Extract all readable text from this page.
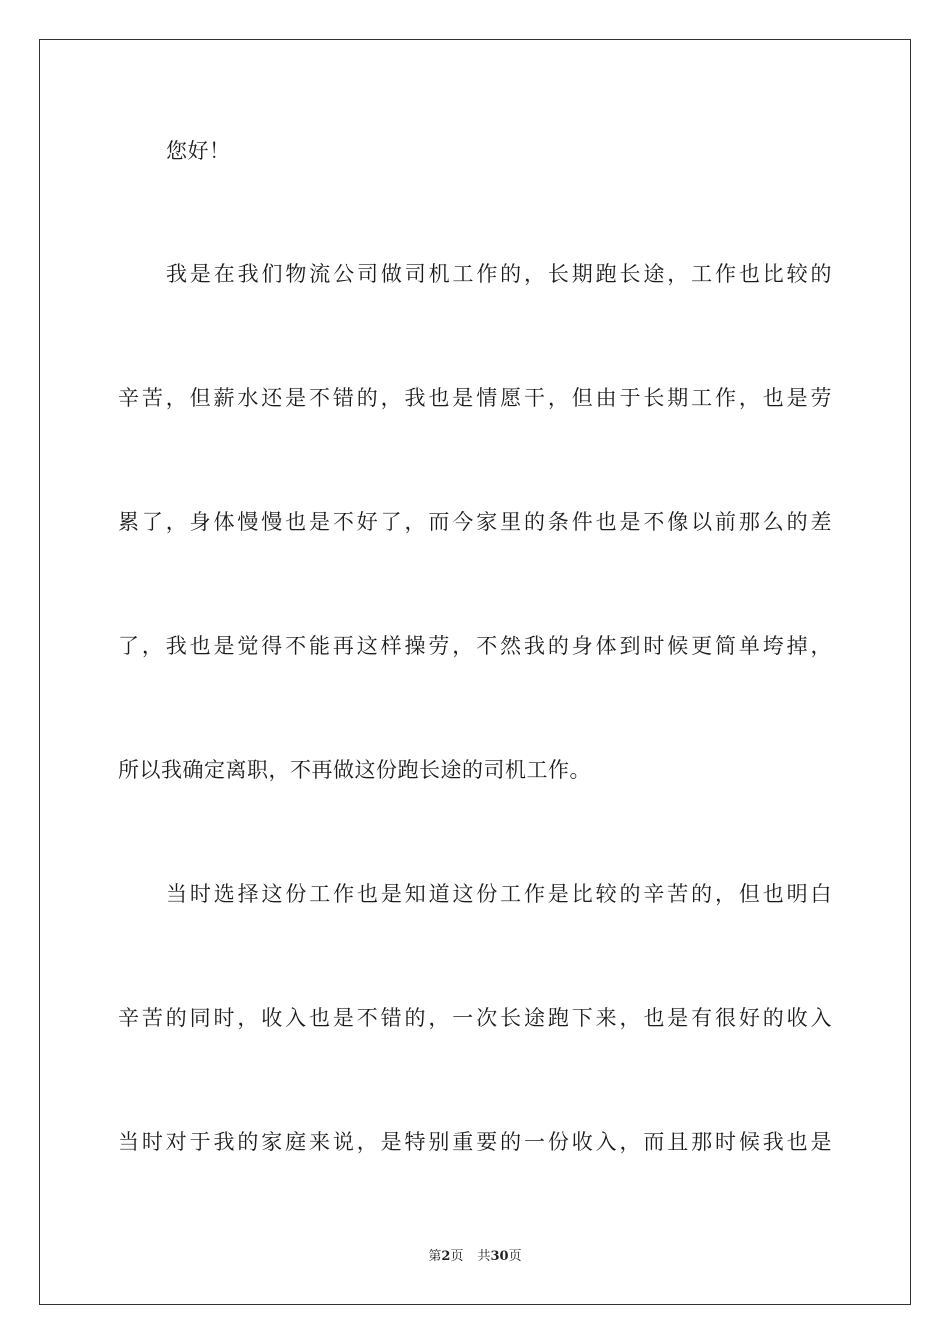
您好！
我是在我们物流公司做司机工作的，长期跑长途，工作也比较的
辛苦，但薪水还是不错的，我也是情愿干，但由于长期工作，也是劳
累了，身体慢慢也是不好了，而今家里的条件也是不像以前那么的差
了，我也是觉得不能再这样操劳，不然我的身体到时候更简单垮掉，
所以我确定离职，不再做这份跑长途的司机工作。
当时选择这份工作也是知道这份工作是比较的辛苦的，但也明白
辛苦的同时，收入也是不错的，一次长途跑下来，也是有很好的收入
当时对于我的家庭来说，是特别重要的一份收入，而且那时候我也是
第2页 共30页
